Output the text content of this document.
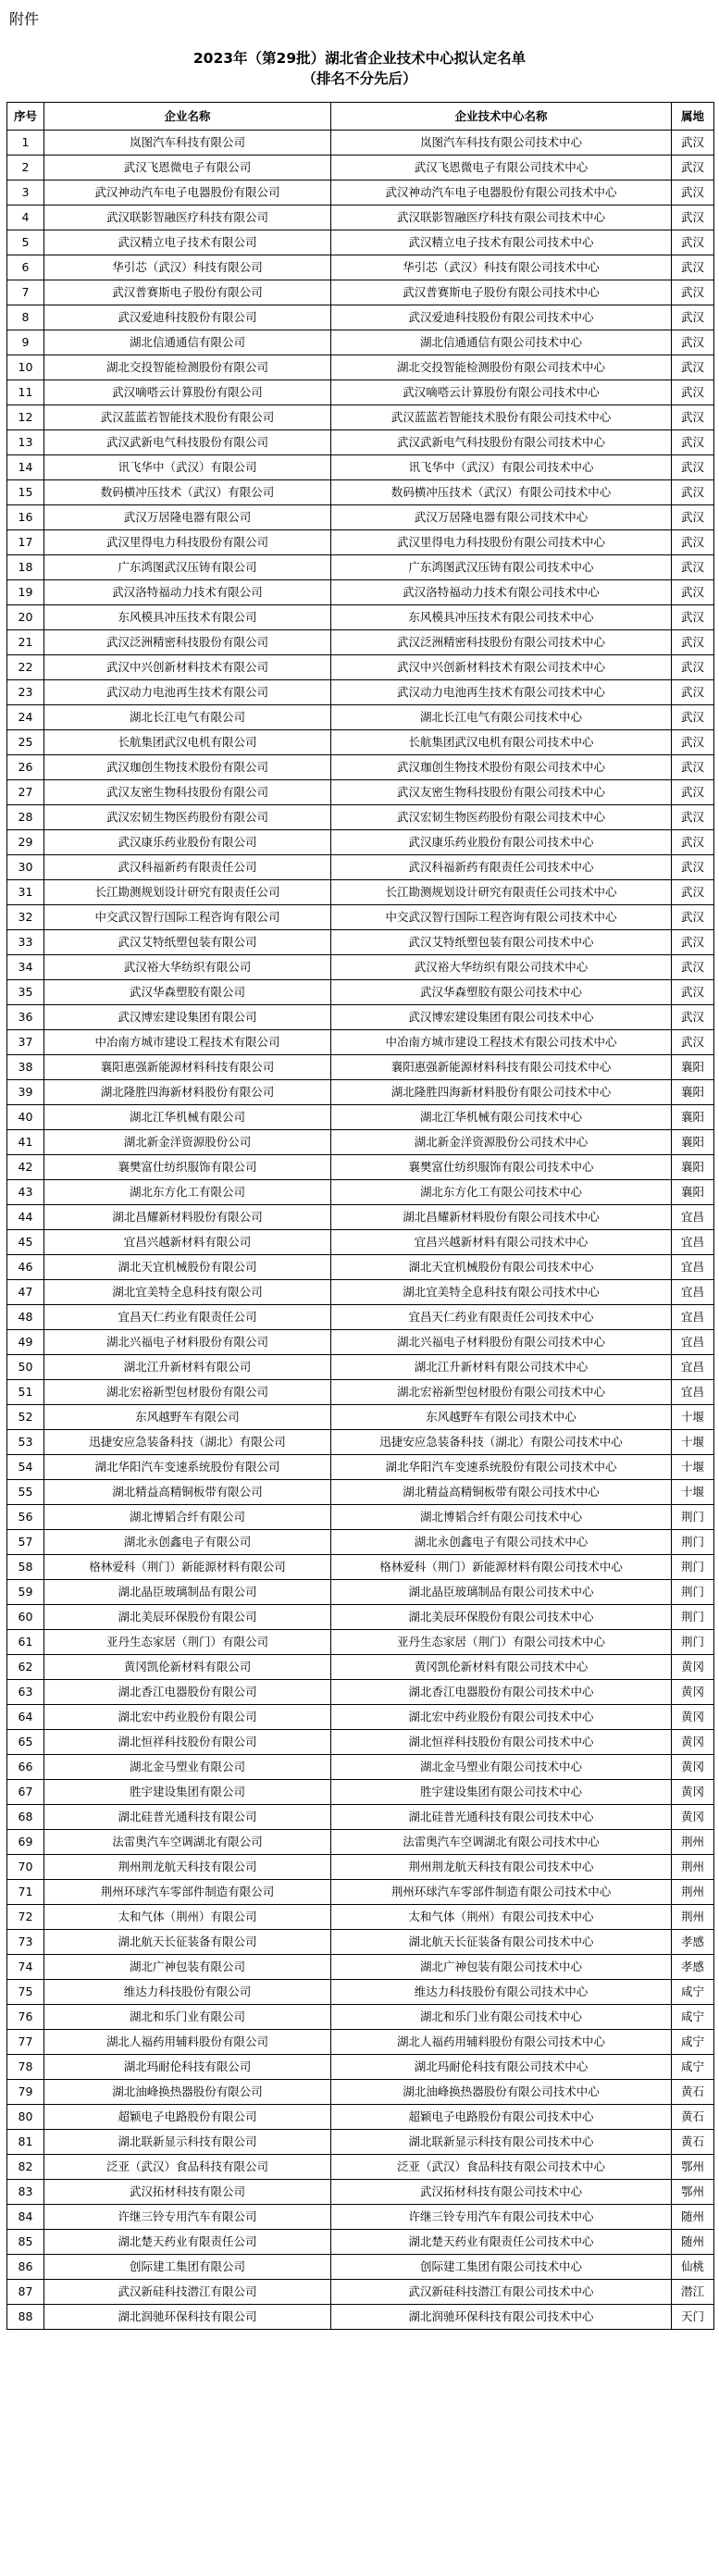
附件
2023年（第29批）湖北省企业技术中心拟认定名单
（排名不分先后）
序号	企业名称	企业技术中心名称	属地
1	岚图汽车科技有限公司	岚图汽车科技有限公司技术中心	武汉
2	武汉飞恩微电子有限公司	武汉飞恩微电子有限公司技术中心	武汉
3	武汉神动汽车电子电器股份有限公司	武汉神动汽车电子电器股份有限公司技术中心	武汉
4	武汉联影智融医疗科技有限公司	武汉联影智融医疗科技有限公司技术中心	武汉
5	武汉精立电子技术有限公司	武汉精立电子技术有限公司技术中心	武汉
6	华引芯（武汉）科技有限公司	华引芯（武汉）科技有限公司技术中心	武汉
7	武汉普赛斯电子股份有限公司	武汉普赛斯电子股份有限公司技术中心	武汉
8	武汉爱迪科技股份有限公司	武汉爱迪科技股份有限公司技术中心	武汉
9	湖北信通通信有限公司	湖北信通通信有限公司技术中心	武汉
10	湖北交投智能检测股份有限公司	湖北交投智能检测股份有限公司技术中心	武汉
11	武汉嘀嗒云计算股份有限公司	武汉嘀嗒云计算股份有限公司技术中心	武汉
12	武汉蓝蓝若智能技术股份有限公司	武汉蓝蓝若智能技术股份有限公司技术中心	武汉
13	武汉武新电气科技股份有限公司	武汉武新电气科技股份有限公司技术中心	武汉
14	讯飞华中（武汉）有限公司	讯飞华中（武汉）有限公司技术中心	武汉
15	数码横冲压技术（武汉）有限公司	数码横冲压技术（武汉）有限公司技术中心	武汉
16	武汉万居隆电器有限公司	武汉万居隆电器有限公司技术中心	武汉
17	武汉里得电力科技股份有限公司	武汉里得电力科技股份有限公司技术中心	武汉
18	广东鸿图武汉压铸有限公司	广东鸿图武汉压铸有限公司技术中心	武汉
19	武汉洛特福动力技术有限公司	武汉洛特福动力技术有限公司技术中心	武汉
20	东风模具冲压技术有限公司	东风模具冲压技术有限公司技术中心	武汉
21	武汉泛洲精密科技股份有限公司	武汉泛洲精密科技股份有限公司技术中心	武汉
22	武汉中兴创新材料技术有限公司	武汉中兴创新材料技术有限公司技术中心	武汉
23	武汉动力电池再生技术有限公司	武汉动力电池再生技术有限公司技术中心	武汉
24	湖北长江电气有限公司	湖北长江电气有限公司技术中心	武汉
25	长航集团武汉电机有限公司	长航集团武汉电机有限公司技术中心	武汉
26	武汉珈创生物技术股份有限公司	武汉珈创生物技术股份有限公司技术中心	武汉
27	武汉友密生物科技股份有限公司	武汉友密生物科技股份有限公司技术中心	武汉
28	武汉宏韧生物医药股份有限公司	武汉宏韧生物医药股份有限公司技术中心	武汉
29	武汉康乐药业股份有限公司	武汉康乐药业股份有限公司技术中心	武汉
30	武汉科福新药有限责任公司	武汉科福新药有限责任公司技术中心	武汉
31	长江勘测规划设计研究有限责任公司	长江勘测规划设计研究有限责任公司技术中心	武汉
32	中交武汉智行国际工程咨询有限公司	中交武汉智行国际工程咨询有限公司技术中心	武汉
33	武汉艾特纸塑包装有限公司	武汉艾特纸塑包装有限公司技术中心	武汉
34	武汉裕大华纺织有限公司	武汉裕大华纺织有限公司技术中心	武汉
35	武汉华森塑胶有限公司	武汉华森塑胶有限公司技术中心	武汉
36	武汉博宏建设集团有限公司	武汉博宏建设集团有限公司技术中心	武汉
37	中冶南方城市建设工程技术有限公司	中冶南方城市建设工程技术有限公司技术中心	武汉
38	襄阳惠强新能源材料科技有限公司	襄阳惠强新能源材料科技有限公司技术中心	襄阳
39	湖北隆胜四海新材料股份有限公司	湖北隆胜四海新材料股份有限公司技术中心	襄阳
40	湖北江华机械有限公司	湖北江华机械有限公司技术中心	襄阳
41	湖北新金洋资源股份公司	湖北新金洋资源股份公司技术中心	襄阳
42	襄樊富仕纺织服饰有限公司	襄樊富仕纺织服饰有限公司技术中心	襄阳
43	湖北东方化工有限公司	湖北东方化工有限公司技术中心	襄阳
44	湖北昌耀新材料股份有限公司	湖北昌耀新材料股份有限公司技术中心	宜昌
45	宜昌兴越新材料有限公司	宜昌兴越新材料有限公司技术中心	宜昌
46	湖北天宜机械股份有限公司	湖北天宜机械股份有限公司技术中心	宜昌
47	湖北宜美特全息科技有限公司	湖北宜美特全息科技有限公司技术中心	宜昌
48	宜昌天仁药业有限责任公司	宜昌天仁药业有限责任公司技术中心	宜昌
49	湖北兴福电子材料股份有限公司	湖北兴福电子材料股份有限公司技术中心	宜昌
50	湖北江升新材料有限公司	湖北江升新材料有限公司技术中心	宜昌
51	湖北宏裕新型包材股份有限公司	湖北宏裕新型包材股份有限公司技术中心	宜昌
52	东风越野车有限公司	东风越野车有限公司技术中心	十堰
53	迅捷安应急装备科技（湖北）有限公司	迅捷安应急装备科技（湖北）有限公司技术中心	十堰
54	湖北华阳汽车变速系统股份有限公司	湖北华阳汽车变速系统股份有限公司技术中心	十堰
55	湖北精益高精铜板带有限公司	湖北精益高精铜板带有限公司技术中心	十堰
56	湖北博韬合纤有限公司	湖北博韬合纤有限公司技术中心	荆门
57	湖北永创鑫电子有限公司	湖北永创鑫电子有限公司技术中心	荆门
58	格林爱科（荆门）新能源材料有限公司	格林爱科（荆门）新能源材料有限公司技术中心	荆门
59	湖北晶臣玻璃制品有限公司	湖北晶臣玻璃制品有限公司技术中心	荆门
60	湖北美辰环保股份有限公司	湖北美辰环保股份有限公司技术中心	荆门
61	亚丹生态家居（荆门）有限公司	亚丹生态家居（荆门）有限公司技术中心	荆门
62	黄冈凯伦新材料有限公司	黄冈凯伦新材料有限公司技术中心	黄冈
63	湖北香江电器股份有限公司	湖北香江电器股份有限公司技术中心	黄冈
64	湖北宏中药业股份有限公司	湖北宏中药业股份有限公司技术中心	黄冈
65	湖北恒祥科技股份有限公司	湖北恒祥科技股份有限公司技术中心	黄冈
66	湖北金马塑业有限公司	湖北金马塑业有限公司技术中心	黄冈
67	胜宇建设集团有限公司	胜宇建设集团有限公司技术中心	黄冈
68	湖北硅普光通科技有限公司	湖北硅普光通科技有限公司技术中心	黄冈
69	法雷奥汽车空调湖北有限公司	法雷奥汽车空调湖北有限公司技术中心	荆州
70	荆州荆龙航天科技有限公司	荆州荆龙航天科技有限公司技术中心	荆州
71	荆州环球汽车零部件制造有限公司	荆州环球汽车零部件制造有限公司技术中心	荆州
72	太和气体（荆州）有限公司	太和气体（荆州）有限公司技术中心	荆州
73	湖北航天长征装备有限公司	湖北航天长征装备有限公司技术中心	孝感
74	湖北广神包装有限公司	湖北广神包装有限公司技术中心	孝感
75	维达力科技股份有限公司	维达力科技股份有限公司技术中心	咸宁
76	湖北和乐门业有限公司	湖北和乐门业有限公司技术中心	咸宁
77	湖北人福药用辅料股份有限公司	湖北人福药用辅料股份有限公司技术中心	咸宁
78	湖北玛耐伦科技有限公司	湖北玛耐伦科技有限公司技术中心	咸宁
79	湖北油峰换热器股份有限公司	湖北油峰换热器股份有限公司技术中心	黄石
80	超颖电子电路股份有限公司	超颖电子电路股份有限公司技术中心	黄石
81	湖北联新显示科技有限公司	湖北联新显示科技有限公司技术中心	黄石
82	泛亚（武汉）食品科技有限公司	泛亚（武汉）食品科技有限公司技术中心	鄂州
83	武汉拓材科技有限公司	武汉拓材科技有限公司技术中心	鄂州
84	许继三铃专用汽车有限公司	许继三铃专用汽车有限公司技术中心	随州
85	湖北楚天药业有限责任公司	湖北楚天药业有限责任公司技术中心	随州
86	创际建工集团有限公司	创际建工集团有限公司技术中心	仙桃
87	武汉新硅科技潜江有限公司	武汉新硅科技潜江有限公司技术中心	潜江
88	湖北润驰环保科技有限公司	湖北润驰环保科技有限公司技术中心	天门
